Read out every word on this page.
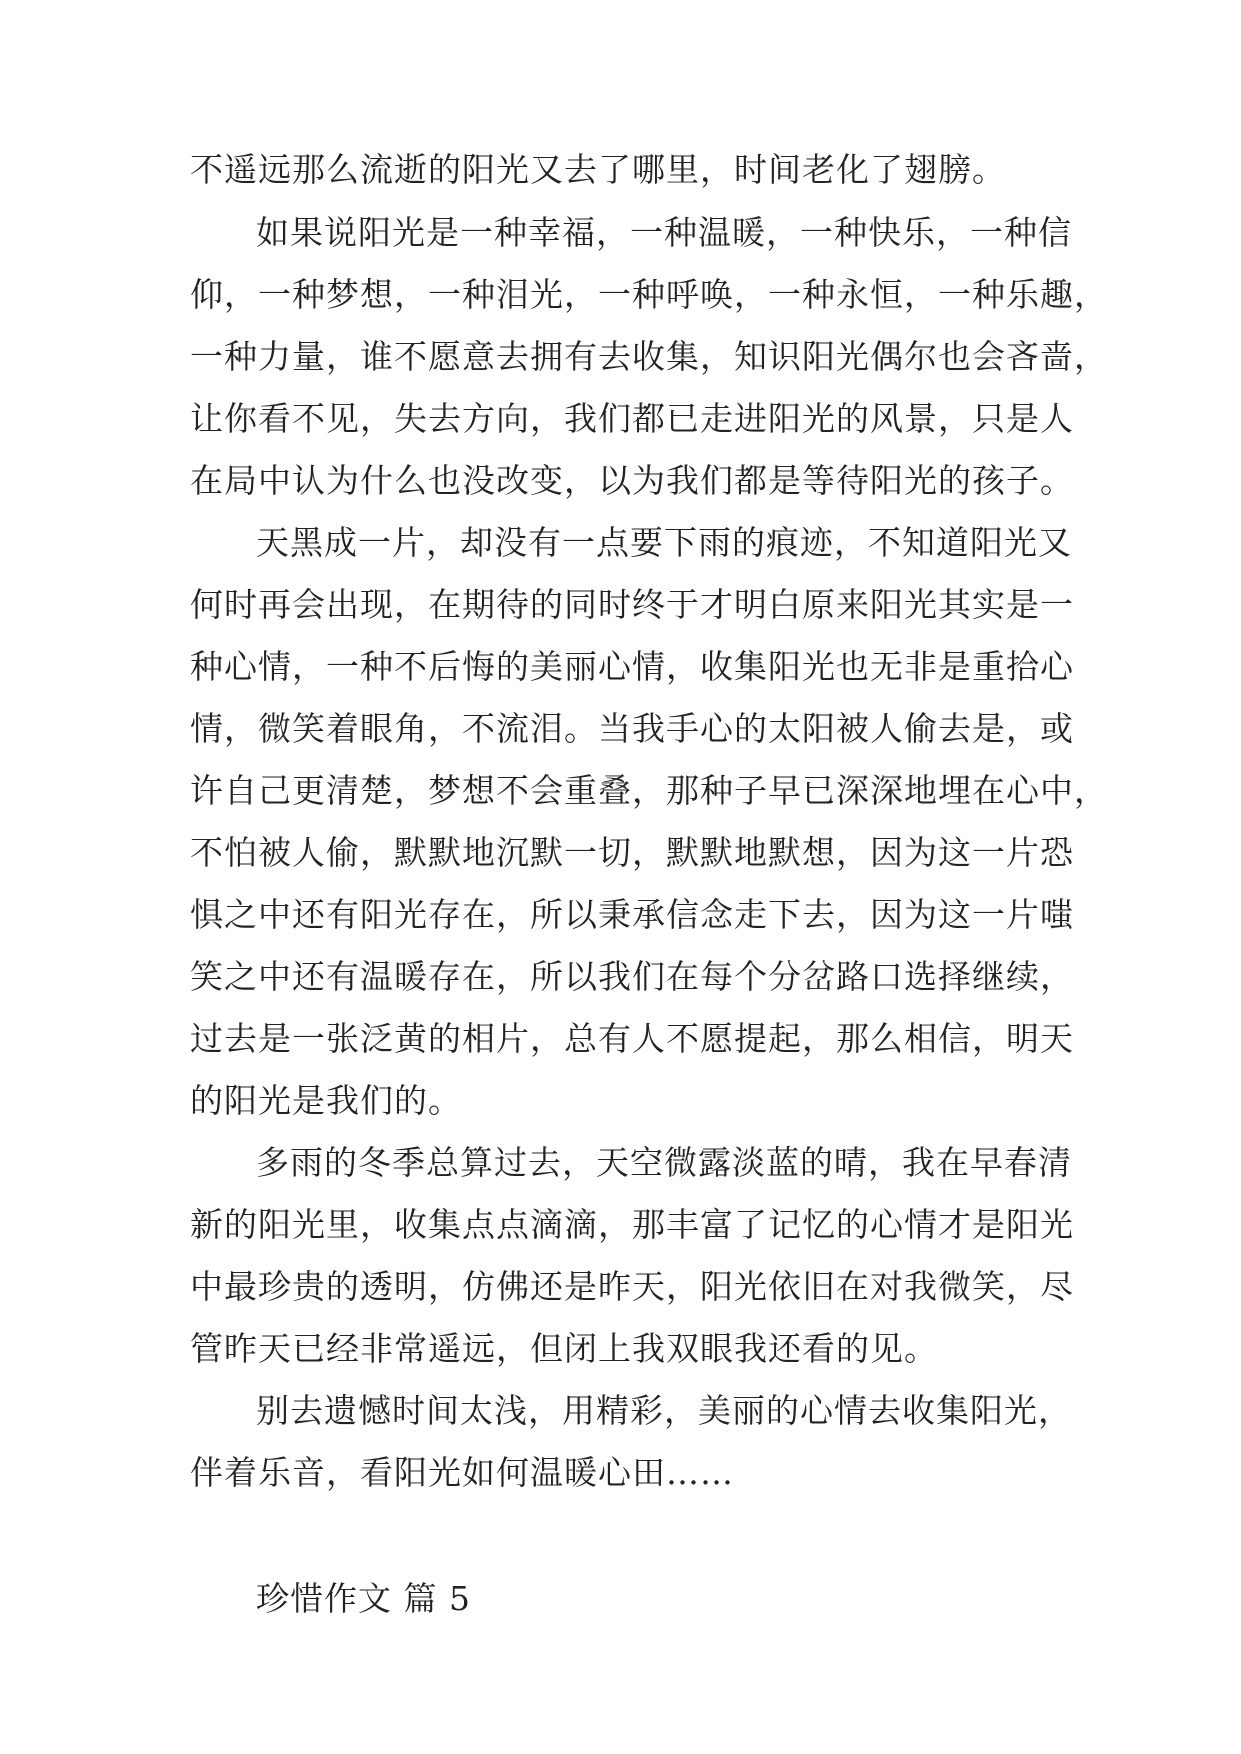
不遥远那么流逝的阳光又去了哪里，时间老化了翅膀。
如果说阳光是一种幸福，一种温暖，一种快乐，一种信
仰，一种梦想，一种泪光，一种呼唤，一种永恒，一种乐趣，
一种力量，谁不愿意去拥有去收集，知识阳光偶尔也会吝啬，
让你看不见，失去方向，我们都已走进阳光的风景，只是人
在局中认为什么也没改变，以为我们都是等待阳光的孩子。
天黑成一片，却没有一点要下雨的痕迹，不知道阳光又
何时再会出现，在期待的同时终于才明白原来阳光其实是一
种心情，一种不后悔的美丽心情，收集阳光也无非是重拾心
情，微笑着眼角，不流泪。当我手心的太阳被人偷去是，或
许自己更清楚，梦想不会重叠，那种子早已深深地埋在心中，
不怕被人偷，默默地沉默一切，默默地默想，因为这一片恐
惧之中还有阳光存在，所以秉承信念走下去，因为这一片嗤
笑之中还有温暖存在，所以我们在每个分岔路口选择继续，
过去是一张泛黄的相片，总有人不愿提起，那么相信，明天
的阳光是我们的。
多雨的冬季总算过去，天空微露淡蓝的晴，我在早春清
新的阳光里，收集点点滴滴，那丰富了记忆的心情才是阳光
中最珍贵的透明，仿佛还是昨天，阳光依旧在对我微笑，尽
管昨天已经非常遥远，但闭上我双眼我还看的见。
别去遗憾时间太浅，用精彩，美丽的心情去收集阳光，
伴着乐音，看阳光如何温暖心田……
珍惜作文 篇 5
